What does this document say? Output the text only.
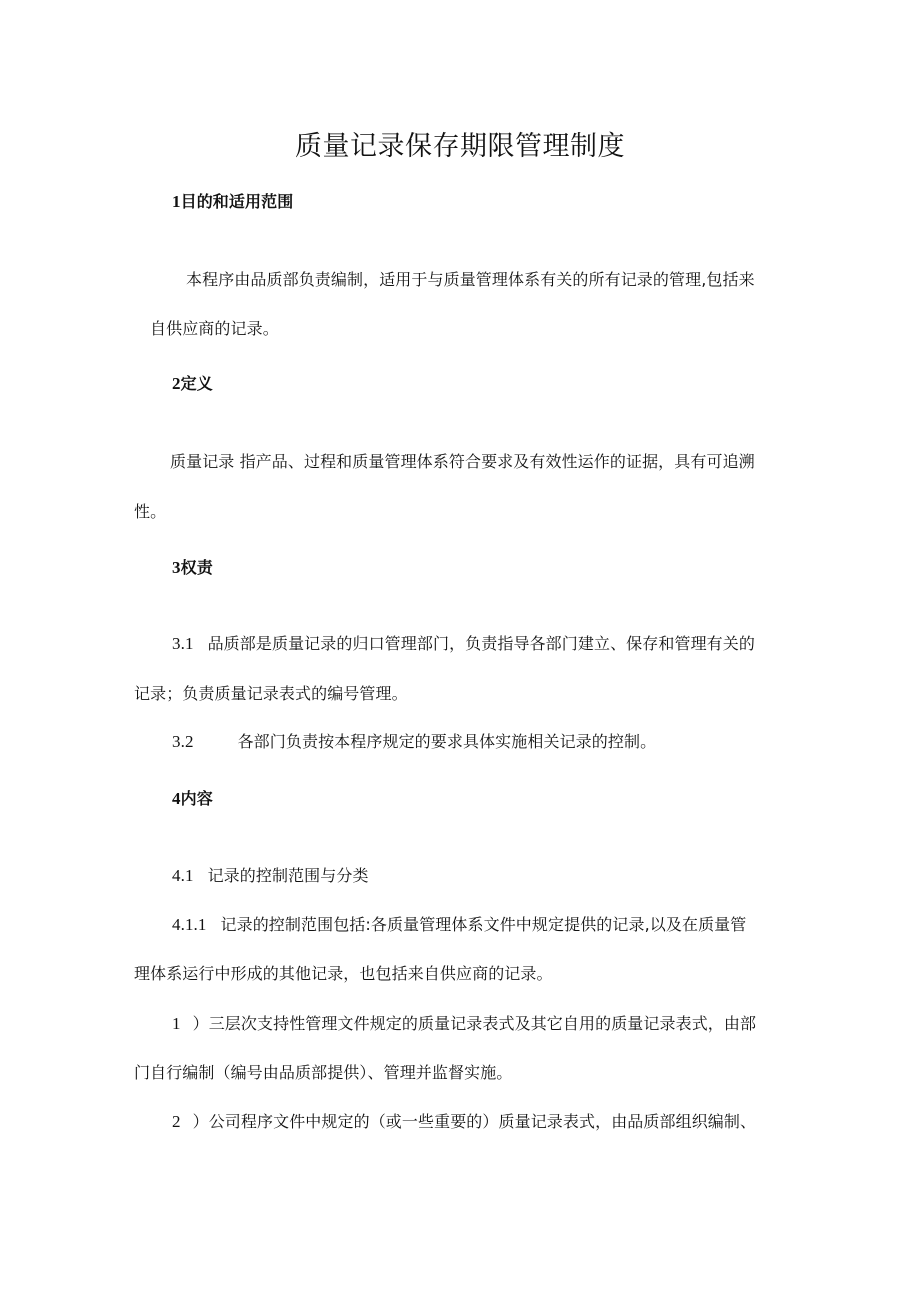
质量记录保存期限管理制度
1目的和适用范围
本程序由品质部负责编制，适用于与质量管理体系有关的所有记录的管理,包括来
自供应商的记录。
2定义
质量记录 指产品、过程和质量管理体系符合要求及有效性运作的证据，具有可追溯
性。
3权责
3.1 品质部是质量记录的归口管理部门，负责指导各部门建立、保存和管理有关的
记录；负责质量记录表式的编号管理。
3.2	各部门负责按本程序规定的要求具体实施相关记录的控制。
4内容
4.1 记录的控制范围与分类
4.1.1 记录的控制范围包括:各质量管理体系文件中规定提供的记录,以及在质量管
理体系运行中形成的其他记录，也包括来自供应商的记录。
1 ）三层次支持性管理文件规定的质量记录表式及其它自用的质量记录表式，由部
门自行编制（编号由品质部提供）、管理并监督实施。
2 ）公司程序文件中规定的（或一些重要的）质量记录表式，由品质部组织编制、
